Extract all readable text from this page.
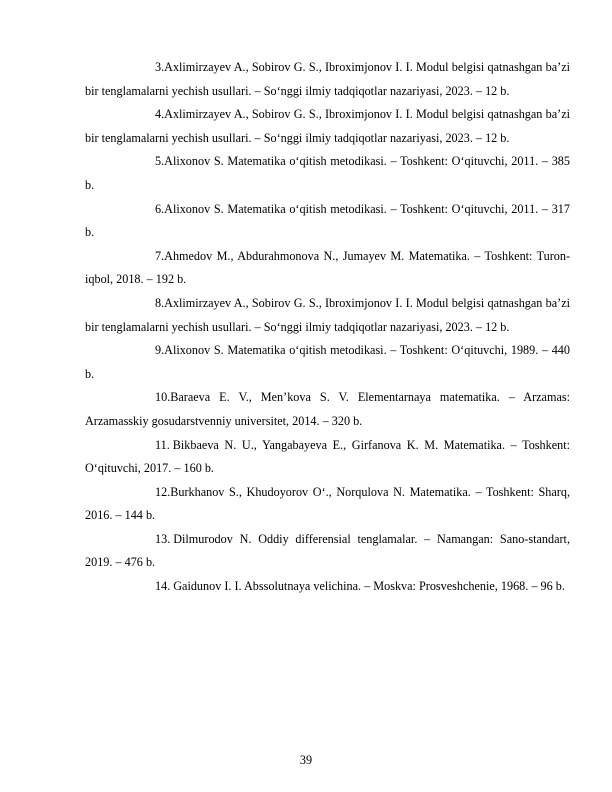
3.Axlimirzayev A., Sobirov G. S., Ibroximjonov I. I. Modul belgisi qatnashgan ba’zi bir tenglamalarni yechish usullari. – So‘nggi ilmiy tadqiqotlar nazariyasi, 2023. – 12 b.

4.Axlimirzayev A., Sobirov G. S., Ibroximjonov I. I. Modul belgisi qatnashgan ba’zi bir tenglamalarni yechish usullari. – So‘nggi ilmiy tadqiqotlar nazariyasi, 2023. – 12 b.

5.Alixonov S. Matematika o‘qitish metodikasi. – Toshkent: O‘qituvchi, 2011. – 385 b.

6.Alixonov S. Matematika o‘qitish metodikasi. – Toshkent: O‘qituvchi, 2011. – 317 b.

7.Ahmedov M., Abdurahmonova N., Jumayev M. Matematika. – Toshkent: Turon-iqbol, 2018. – 192 b.

8.Axlimirzayev A., Sobirov G. S., Ibroximjonov I. I. Modul belgisi qatnashgan ba’zi bir tenglamalarni yechish usullari. – So‘nggi ilmiy tadqiqotlar nazariyasi, 2023. – 12 b.

9.Alixonov S. Matematika o‘qitish metodikasi. – Toshkent: O‘qituvchi, 1989. – 440 b.

10.Baraeva E. V., Men’kova S. V. Elementarnaya matematika. – Arzamas: Arzamasskiy gosudarstvenniy universitet, 2014. – 320 b.

11. Bikbaeva N. U., Yangabayeva E., Girfanova K. M. Matematika. – Toshkent: O‘qituvchi, 2017. – 160 b.

12.Burkhanov S., Khudoyorov O‘., Norqulova N. Matematika. – Toshkent: Sharq, 2016. – 144 b.

13. Dilmurodov N. Oddiy differensial tenglamalar. – Namangan: Sano-standart, 2019. – 476 b.

14. Gaidunov I. I. Abssolutnaya velichina. – Moskva: Prosveshchenie, 1968. – 96 b.

39
